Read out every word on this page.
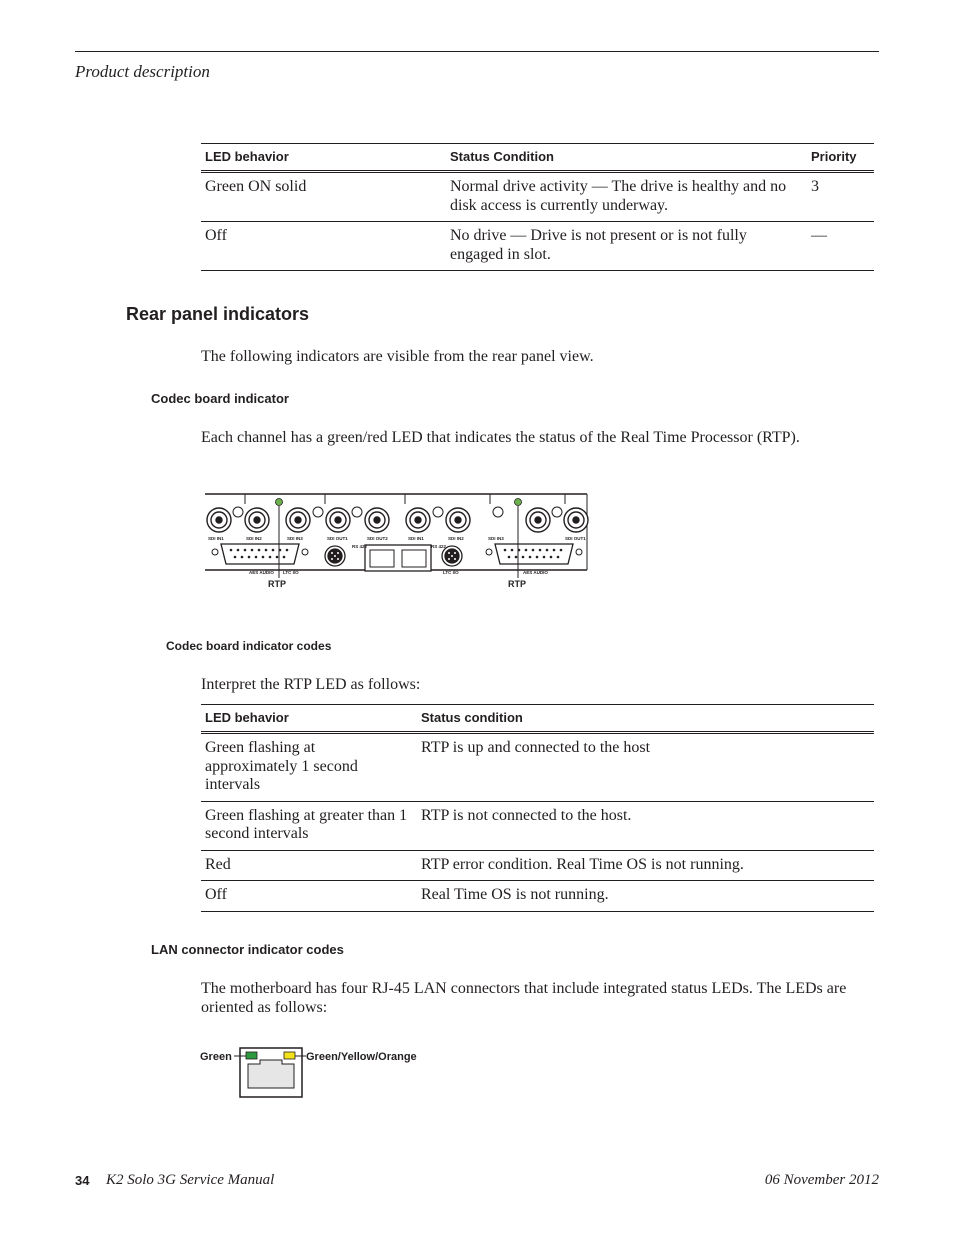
Product description
LED behavior	Status Condition	Priority
Green ON solid	Normal drive activity — The drive is healthy and no disk access is currently underway.	3
Off	No drive — Drive is not present or is not fully engaged in slot.	—
Rear panel indicators
The following indicators are visible from the rear panel view.
Codec board indicator
Each channel has a green/red LED that indicates the status of the Real Time Processor (RTP).
SDI IN1	SDI IN2	SDI IN3	SDI OUT1	SDI OUT2	SDI IN1	SDI IN2	SDI IN3	SDI OUT1
AES AUDIO LTC I/O
RS 422	RS 422
LTC I/O	AES AUDIO
RTP	RTP
Codec board indicator codes
Interpret the RTP LED as follows:
LED behavior	Status condition
Green flashing at approximately 1 second intervals	RTP is up and connected to the host
Green flashing at greater than 1 second intervals	RTP is not connected to the host.
Red	RTP error condition. Real Time OS is not running.
Off	Real Time OS is not running.
LAN connector indicator codes
The motherboard has four RJ-45 LAN connectors that include integrated status LEDs. The LEDs are oriented as follows:
Green	Green/Yellow/Orange
34 K2 Solo 3G Service Manual	06 November 2012
